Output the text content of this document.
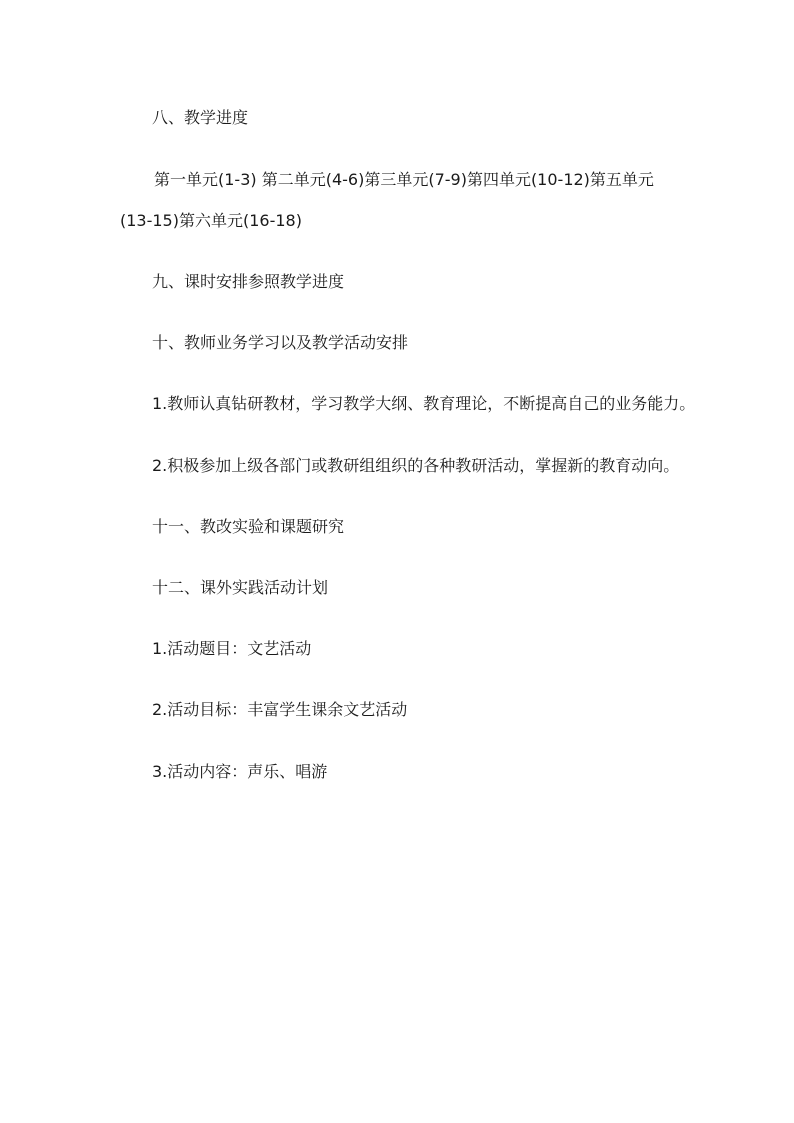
八、教学进度

第一单元(1-3) 第二单元(4-6)第三单元(7-9)第四单元(10-12)第五单元

(13-15)第六单元(16-18)

九、课时安排参照教学进度

十、教师业务学习以及教学活动安排

1.教师认真钻研教材，学习教学大纲、教育理论，不断提高自己的业务能力。

2.积极参加上级各部门或教研组组织的各种教研活动，掌握新的教育动向。

十一、教改实验和课题研究

十二、课外实践活动计划

1.活动题目：文艺活动

2.活动目标：丰富学生课余文艺活动

3.活动内容：声乐、唱游
